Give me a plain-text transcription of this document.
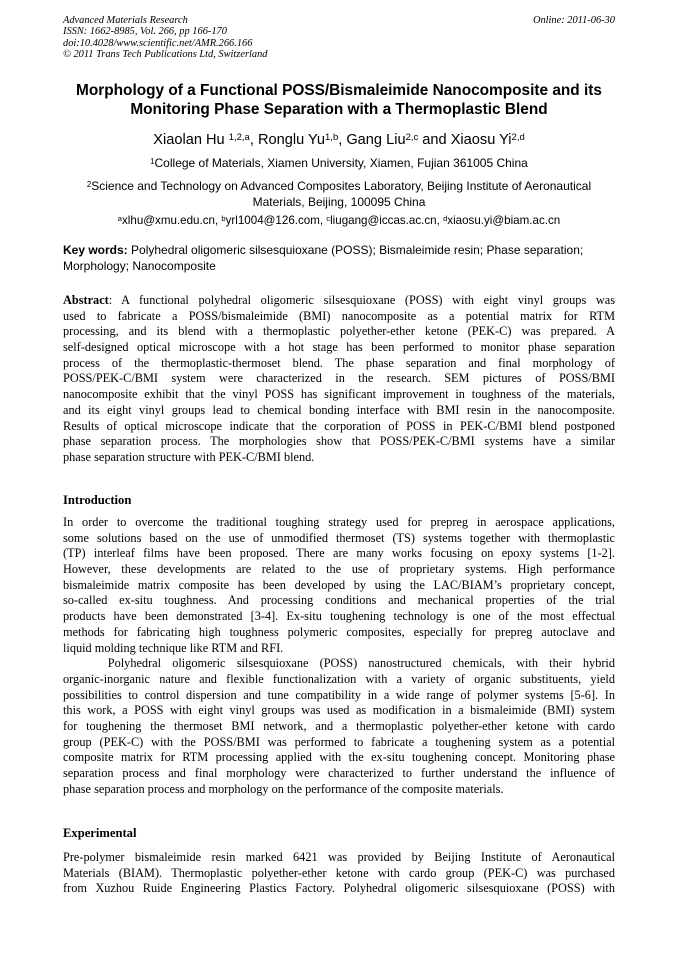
Advanced Materials Research
ISSN: 1662-8985, Vol. 266, pp 166-170
doi:10.4028/www.scientific.net/AMR.266.166
© 2011 Trans Tech Publications Ltd, Switzerland
Online: 2011-06-30
Morphology of a Functional POSS/Bismaleimide Nanocomposite and its
Monitoring Phase Separation with a Thermoplastic Blend
Xiaolan Hu $^{1,2,a}$, Ronglu Yu$^{1,b}$, Gang Liu$^{2,c}$ and Xiaosu Yi$^{2,d}$
$^1$College of Materials, Xiamen University, Xiamen, Fujian 361005 China
$^2$Science and Technology on Advanced Composites Laboratory, Beijing Institute of Aeronautical
Materials, Beijing, 100095 China
$^a$xlhu@xmu.edu.cn, $^b$yrl1004@126.com, $^c$liugang@iccas.ac.cn, $^d$xiaosu.yi@biam.ac.cn
Key words: Polyhedral oligomeric silsesquioxane (POSS); Bismaleimide resin; Phase separation;
Morphology; Nanocomposite
Abstract: A functional polyhedral oligomeric silsesquioxane (POSS) with eight vinyl groups was
used to fabricate a POSS/bismaleimide (BMI) nanocomposite as a potential matrix for RTM
processing, and its blend with a thermoplastic polyether-ether ketone (PEK-C) was prepared. A
self-designed optical microscope with a hot stage has been performed to monitor phase separation
process of the thermoplastic-thermoset blend. The phase separation and final morphology of
POSS/PEK-C/BMI system were characterized in the research. SEM pictures of POSS/BMI
nanocomposite exhibit that the vinyl POSS has significant improvement in toughness of the materials,
and its eight vinyl groups lead to chemical bonding interface with BMI resin in the nanocomposite.
Results of optical microscope indicate that the corporation of POSS in PEK-C/BMI blend postponed
phase separation process. The morphologies show that POSS/PEK-C/BMI systems have a similar
phase separation structure with PEK-C/BMI blend.
Introduction
In order to overcome the traditional toughing strategy used for prepreg in aerospace applications,
some solutions based on the use of unmodified thermoset (TS) systems together with thermoplastic
(TP) interleaf films have been proposed. There are many works focusing on epoxy systems [1-2].
However, these developments are related to the use of proprietary systems. High performance
bismaleimide matrix composite has been developed by using the LAC/BIAM’s proprietary concept,
so-called ex-situ toughness. And processing conditions and mechanical properties of the trial
products have been demonstrated [3-4]. Ex-situ toughening technology is one of the most effectual
methods for fabricating high toughness polymeric composites, especially for prepreg autoclave and
liquid molding technique like RTM and RFI.
Polyhedral oligomeric silsesquioxane (POSS) nanostructured chemicals, with their hybrid
organic-inorganic nature and flexible functionalization with a variety of organic substituents, yield
possibilities to control dispersion and tune compatibility in a wide range of polymer systems [5-6]. In
this work, a POSS with eight vinyl groups was used as modification in a bismaleimide (BMI) system
for toughening the thermoset BMI network, and a thermoplastic polyether-ether ketone with cardo
group (PEK-C) with the POSS/BMI was performed to fabricate a toughening system as a potential
composite matrix for RTM processing applied with the ex-situ toughening concept. Monitoring phase
separation process and final morphology were characterized to further understand the influence of
phase separation process and morphology on the performance of the composite materials.
Experimental
Pre-polymer bismaleimide resin marked 6421 was provided by Beijing Institute of Aeronautical
Materials (BIAM). Thermoplastic polyether-ether ketone with cardo group (PEK-C) was purchased
from Xuzhou Ruide Engineering Plastics Factory. Polyhedral oligomeric silsesquioxane (POSS) with
